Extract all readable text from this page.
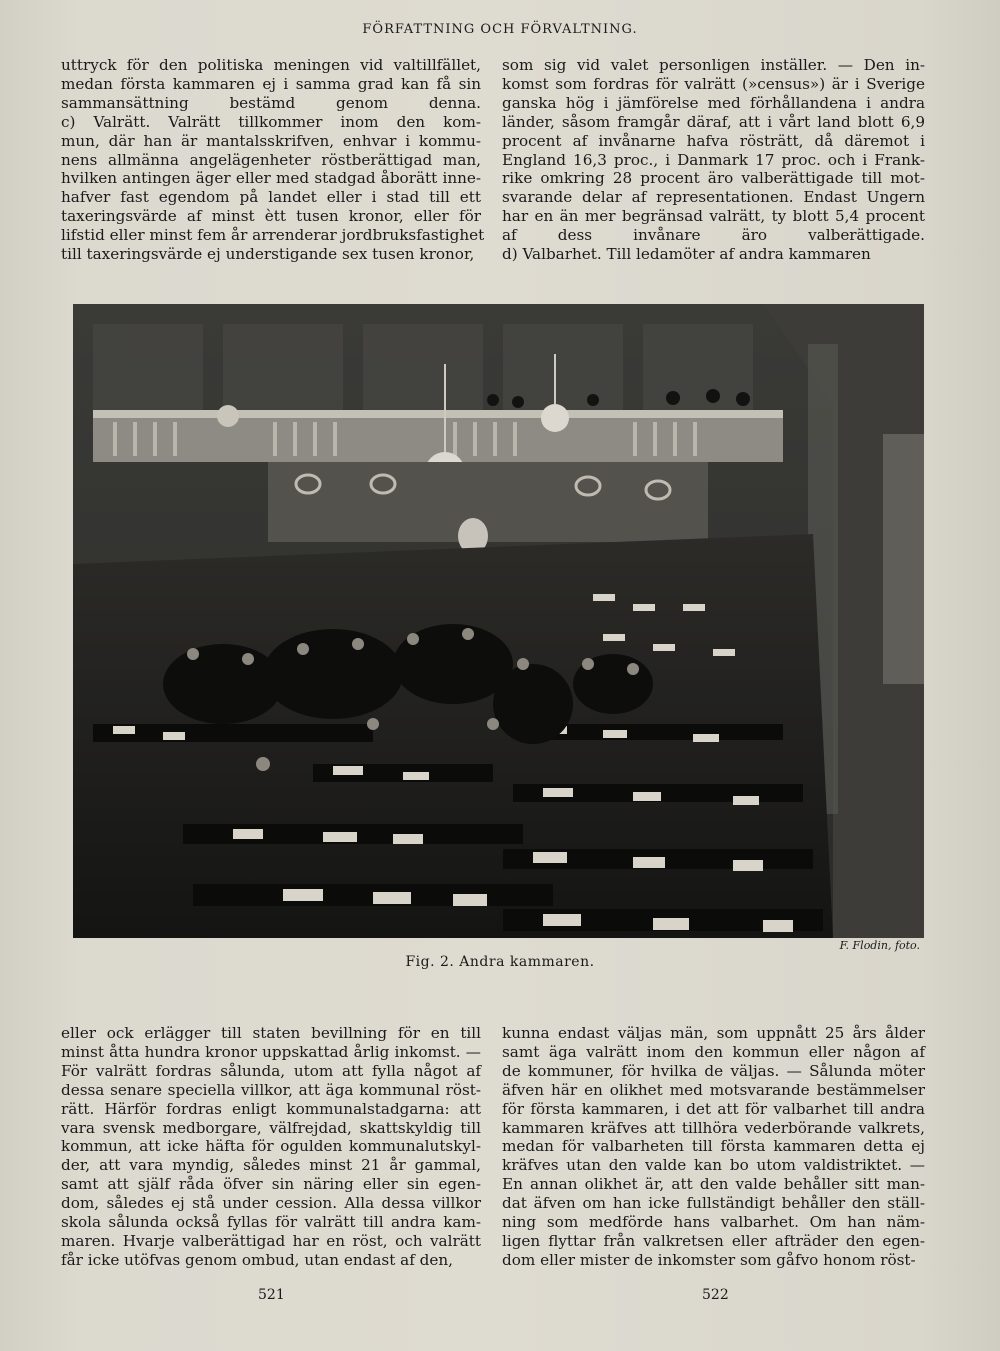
FÖRFATTNING OCH FÖRVALTNING.
uttryck för den politiska meningen vid valtillfället,
medan första kammaren ej i samma grad kan få sin
sammansättning bestämd genom denna.
c) Valrätt. Valrätt tillkommer inom den kom-
mun, där han är mantalsskrifven, enhvar i kommu-
nens allmänna angelägenheter röstberättigad man,
hvilken antingen äger eller med stadgad åborätt inne-
hafver fast egendom på landet eller i stad till ett
taxeringsvärde af minst ètt tusen kronor, eller för
lifstid eller minst fem år arrenderar jordbruksfastighet
till taxeringsvärde ej understigande sex tusen kronor,
som sig vid valet personligen inställer. — Den in-
komst som fordras för valrätt (»census») är i Sverige
ganska hög i jämförelse med förhållandena i andra
länder, såsom framgår däraf, att i vårt land blott 6,9
procent af invånarne hafva rösträtt, då däremot i
England 16,3 proc., i Danmark 17 proc. och i Frank-
rike omkring 28 procent äro valberättigade till mot-
svarande delar af representationen. Endast Ungern
har en än mer begränsad valrätt, ty blott 5,4 procent
af dess invånare äro valberättigade.
d) Valbarhet. Till ledamöter af andra kammaren
F. Flodin, foto.
Fig. 2. Andra kammaren.
eller ock erlägger till staten bevillning för en till
minst åtta hundra kronor uppskattad årlig inkomst. —
För valrätt fordras sålunda, utom att fylla något af
dessa senare speciella villkor, att äga kommunal röst-
rätt. Härför fordras enligt kommunalstadgarna: att
vara svensk medborgare, välfrejdad, skattskyldig till
kommun, att icke häfta för ogulden kommunalutskyl-
der, att vara myndig, således minst 21 år gammal,
samt att själf råda öfver sin näring eller sin egen-
dom, således ej stå under cession. Alla dessa villkor
skola sålunda också fyllas för valrätt till andra kam-
maren. Hvarje valberättigad har en röst, och valrätt
får icke utöfvas genom ombud, utan endast af den,
kunna endast väljas män, som uppnått 25 års ålder
samt äga valrätt inom den kommun eller någon af
de kommuner, för hvilka de väljas. — Sålunda möter
äfven här en olikhet med motsvarande bestämmelser
för första kammaren, i det att för valbarhet till andra
kammaren kräfves att tillhöra vederbörande valkrets,
medan för valbarheten till första kammaren detta ej
kräfves utan den valde kan bo utom valdistriktet. —
En annan olikhet är, att den valde behåller sitt man-
dat äfven om han icke fullständigt behåller den ställ-
ning som medförde hans valbarhet. Om han näm-
ligen flyttar från valkretsen eller afträder den egen-
dom eller mister de inkomster som gåfvo honom röst-
521	522
